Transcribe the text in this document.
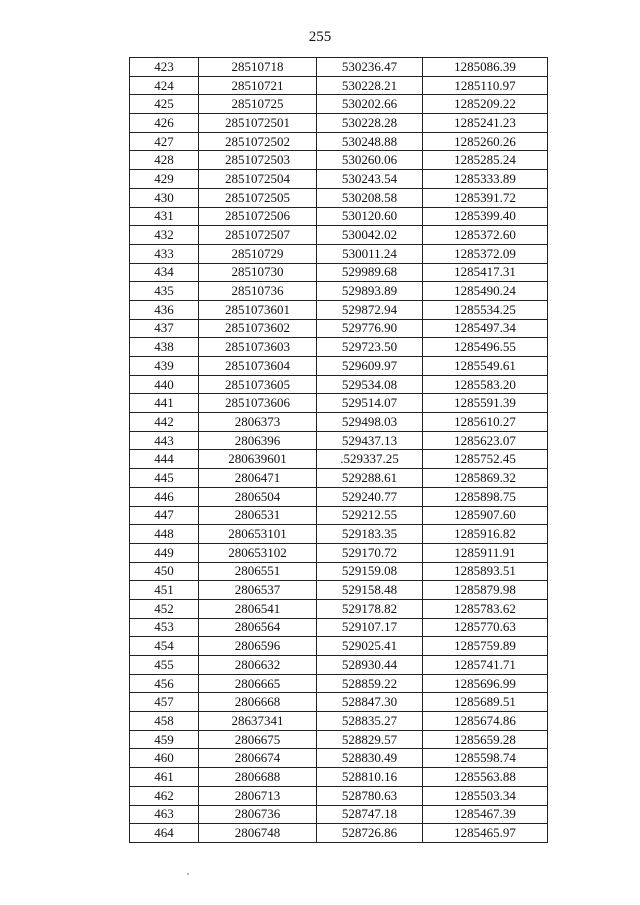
255
423	28510718	530236.47	1285086.39
424	28510721	530228.21	1285110.97
425	28510725	530202.66	1285209.22
426	2851072501	530228.28	1285241.23
427	2851072502	530248.88	1285260.26
428	2851072503	530260.06	1285285.24
429	2851072504	530243.54	1285333.89
430	2851072505	530208.58	1285391.72
431	2851072506	530120.60	1285399.40
432	2851072507	530042.02	1285372.60
433	28510729	530011.24	1285372.09
434	28510730	529989.68	1285417.31
435	28510736	529893.89	1285490.24
436	2851073601	529872.94	1285534.25
437	2851073602	529776.90	1285497.34
438	2851073603	529723.50	1285496.55
439	2851073604	529609.97	1285549.61
440	2851073605	529534.08	1285583.20
441	2851073606	529514.07	1285591.39
442	2806373	529498.03	1285610.27
443	2806396	529437.13	1285623.07
444	280639601	.529337.25	1285752.45
445	2806471	529288.61	1285869.32
446	2806504	529240.77	1285898.75
447	2806531	529212.55	1285907.60
448	280653101	529183.35	1285916.82
449	280653102	529170.72	1285911.91
450	2806551	529159.08	1285893.51
451	2806537	529158.48	1285879.98
452	2806541	529178.82	1285783.62
453	2806564	529107.17	1285770.63
454	2806596	529025.41	1285759.89
455	2806632	528930.44	1285741.71
456	2806665	528859.22	1285696.99
457	2806668	528847.30	1285689.51
458	28637341	528835.27	1285674.86
459	2806675	528829.57	1285659.28
460	2806674	528830.49	1285598.74
461	2806688	528810.16	1285563.88
462	2806713	528780.63	1285503.34
463	2806736	528747.18	1285467.39
464	2806748	528726.86	1285465.97
